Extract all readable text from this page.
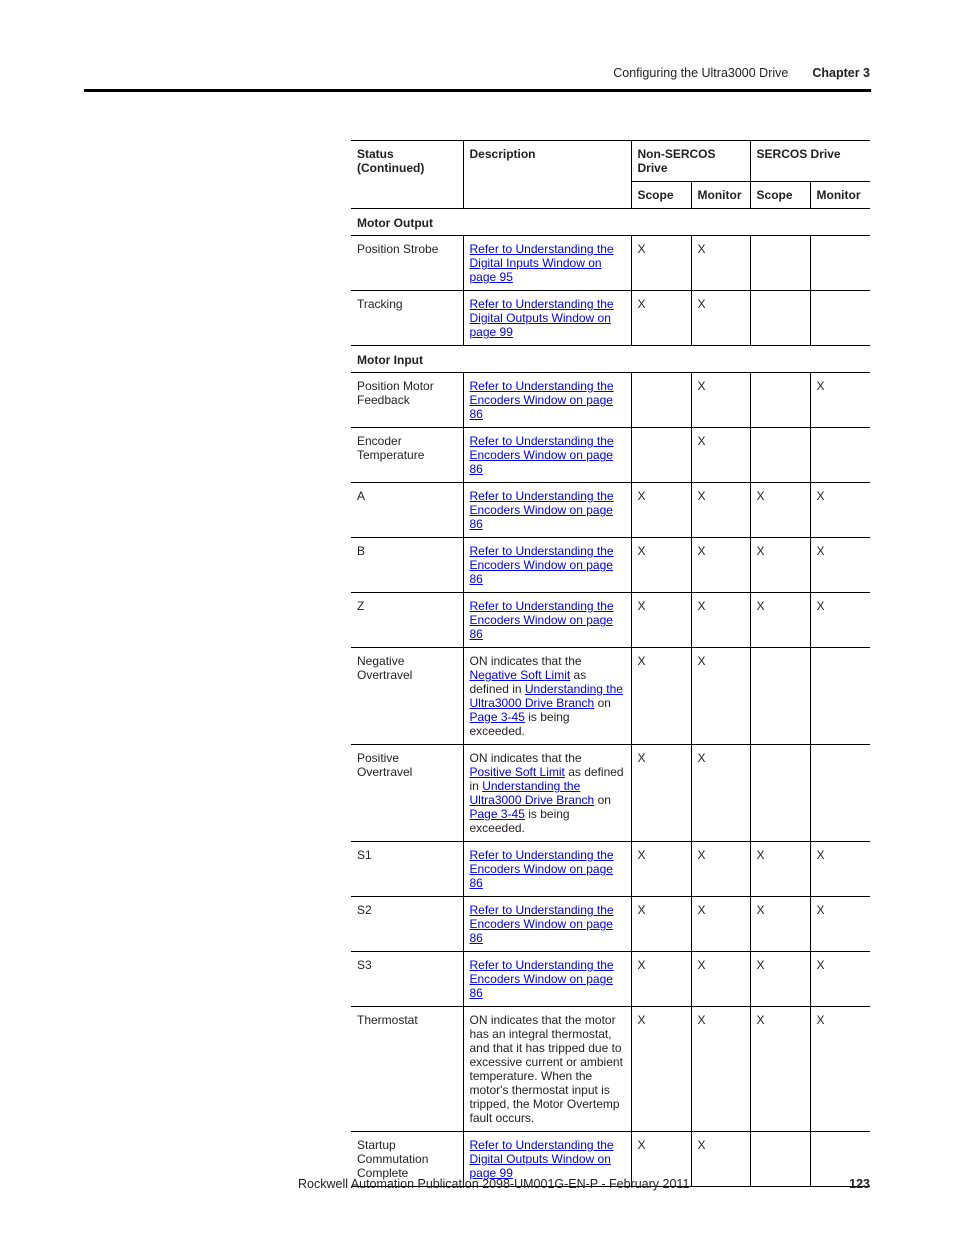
Configuring the Ultra3000 Drive Chapter 3
Status (Continued)	Description	Non-SERCOS Drive		SERCOS Drive	
		Scope	Monitor	Scope	Monitor
Motor Output					
Position Strobe	Refer to Understanding the Digital Inputs Window on page 95	X	X		
Tracking	Refer to Understanding the Digital Outputs Window on page 99	X	X		
Motor Input					
Position Motor Feedback	Refer to Understanding the Encoders Window on page 86		X		X
Encoder Temperature	Refer to Understanding the Encoders Window on page 86		X		
A	Refer to Understanding the Encoders Window on page 86	X	X	X	X
B	Refer to Understanding the Encoders Window on page 86	X	X	X	X
Z	Refer to Understanding the Encoders Window on page 86	X	X	X	X
Negative Overtravel	ON indicates that the Negative Soft Limit as defined in Understanding the Ultra3000 Drive Branch on Page 3-45 is being exceeded.	X	X		
Positive Overtravel	ON indicates that the Positive Soft Limit as defined in Understanding the Ultra3000 Drive Branch on Page 3-45 is being exceeded.	X	X		
S1	Refer to Understanding the Encoders Window on page 86	X	X	X	X
S2	Refer to Understanding the Encoders Window on page 86	X	X	X	X
S3	Refer to Understanding the Encoders Window on page 86	X	X	X	X
Thermostat	ON indicates that the motor has an integral thermostat, and that it has tripped due to excessive current or ambient temperature. When the motor's thermostat input is tripped, the Motor Overtemp fault occurs.	X	X	X	X
Startup Commutation Complete	Refer to Understanding the Digital Outputs Window on page 99	X	X		
Rockwell Automation Publication 2098-UM001G-EN-P - February 2011	123
